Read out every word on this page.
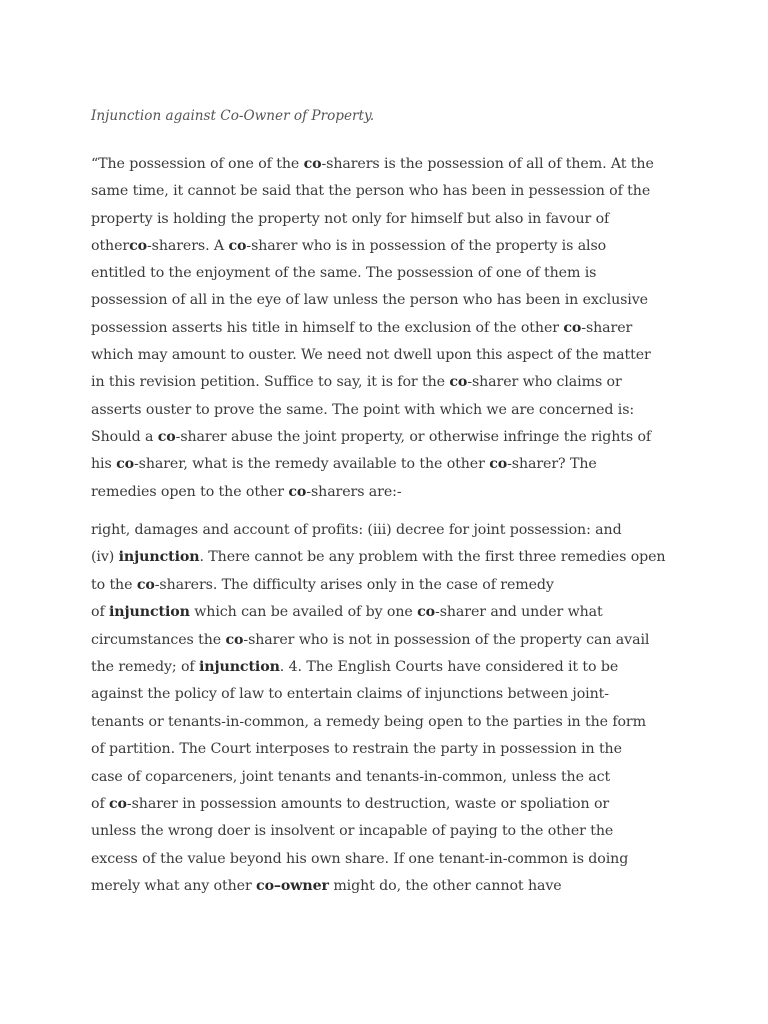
Injunction against Co-Owner of Property.
“The possession of one of the co-sharers is the possession of all of them. At the
same time, it cannot be said that the person who has been in pessession of the
property is holding the property not only for himself but also in favour of
otherco-sharers. A co-sharer who is in possession of the property is also
entitled to the enjoyment of the same. The possession of one of them is
possession of all in the eye of law unless the person who has been in exclusive
possession asserts his title in himself to the exclusion of the other co-sharer
which may amount to ouster. We need not dwell upon this aspect of the matter
in this revision petition. Suffice to say, it is for the co-sharer who claims or
asserts ouster to prove the same. The point with which we are concerned is:
Should a co-sharer abuse the joint property, or otherwise infringe the rights of
his co-sharer, what is the remedy available to the other co-sharer? The
remedies open to the other co-sharers are:-
right, damages and account of profits: (iii) decree for joint possession: and
(iv) injunction. There cannot be any problem with the first three remedies open
to the co-sharers. The difficulty arises only in the case of remedy
of injunction which can be availed of by one co-sharer and under what
circumstances the co-sharer who is not in possession of the property can avail
the remedy; of injunction. 4. The English Courts have considered it to be
against the policy of law to entertain claims of injunctions between joint-
tenants or tenants-in-common, a remedy being open to the parties in the form
of partition. The Court interposes to restrain the party in possession in the
case of coparceners, joint tenants and tenants-in-common, unless the act
of co-sharer in possession amounts to destruction, waste or spoliation or
unless the wrong doer is insolvent or incapable of paying to the other the
excess of the value beyond his own share. If one tenant-in-common is doing
merely what any other co–owner might do, the other cannot have
